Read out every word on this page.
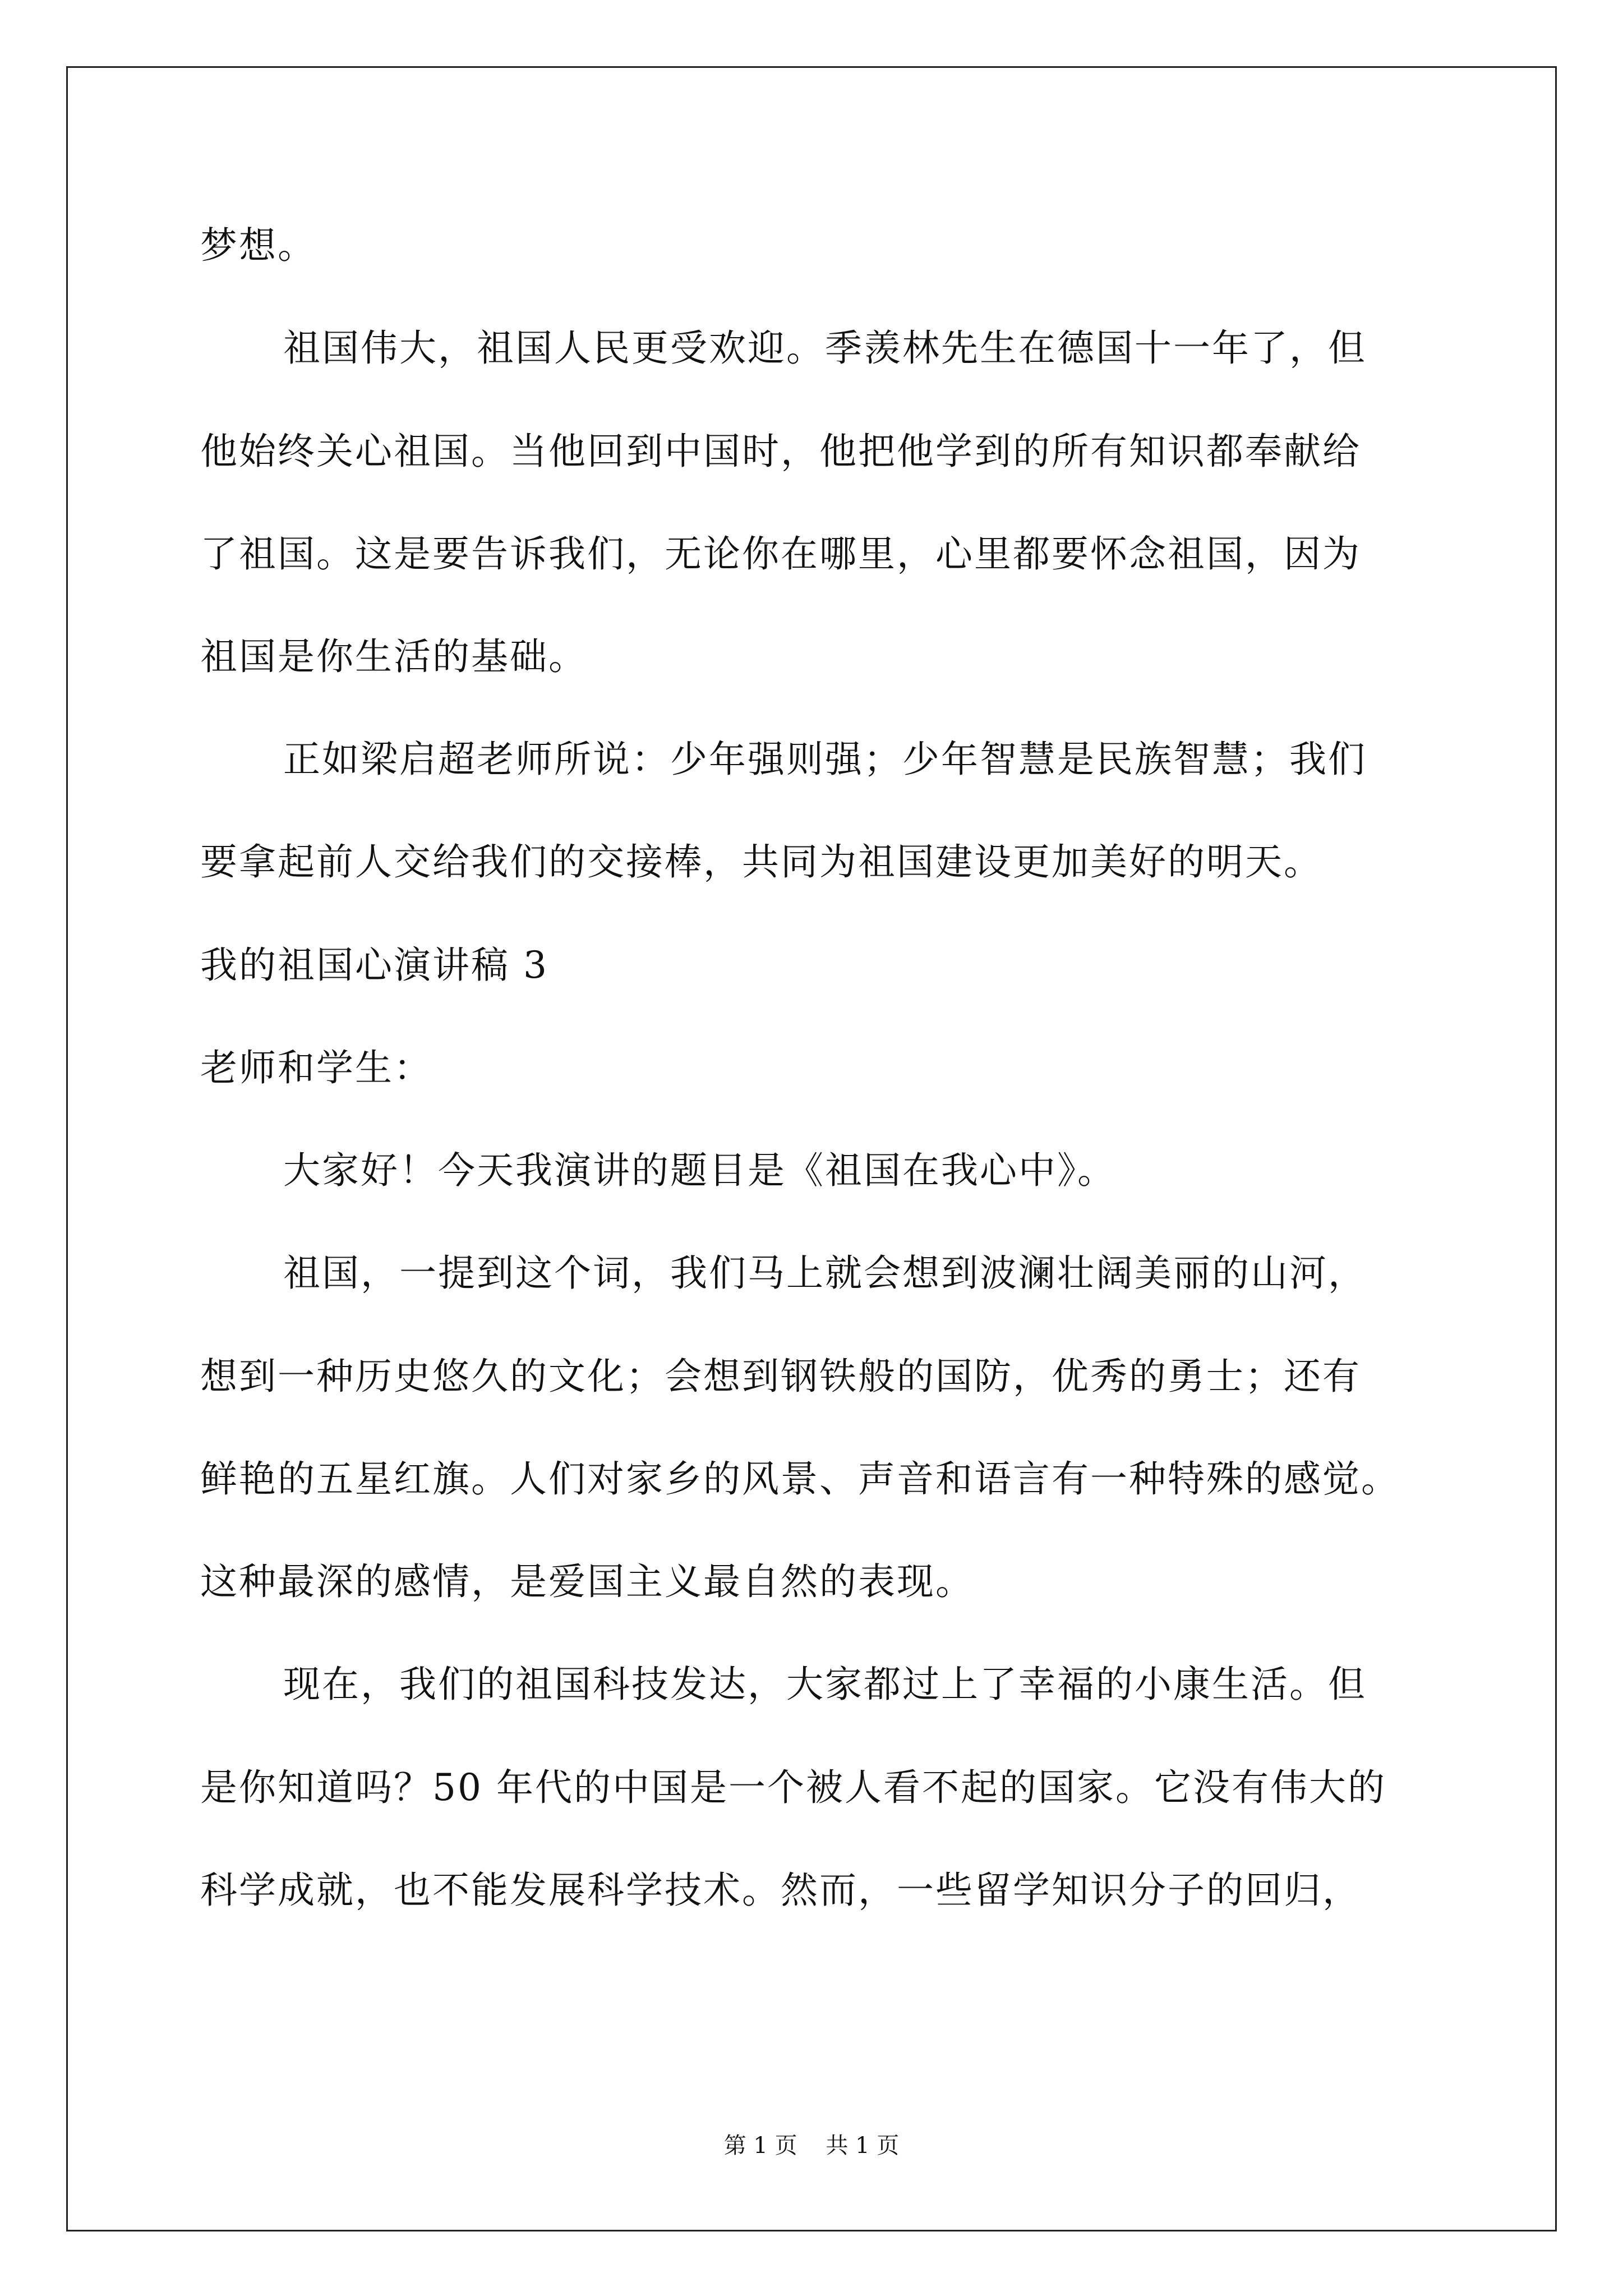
梦想。
祖国伟大，祖国人民更受欢迎。季羡林先生在德国十一年了，但
他始终关心祖国。当他回到中国时，他把他学到的所有知识都奉献给
了祖国。这是要告诉我们，无论你在哪里，心里都要怀念祖国，因为
祖国是你生活的基础。
正如梁启超老师所说：少年强则强；少年智慧是民族智慧；我们
要拿起前人交给我们的交接棒，共同为祖国建设更加美好的明天。
我的祖国心演讲稿 3
老师和学生：
大家好！今天我演讲的题目是《祖国在我心中》。
祖国，一提到这个词，我们马上就会想到波澜壮阔美丽的山河，
想到一种历史悠久的文化；会想到钢铁般的国防，优秀的勇士；还有
鲜艳的五星红旗。人们对家乡的风景、声音和语言有一种特殊的感觉。
这种最深的感情，是爱国主义最自然的表现。
现在，我们的祖国科技发达，大家都过上了幸福的小康生活。但
是你知道吗？50 年代的中国是一个被人看不起的国家。它没有伟大的
科学成就，也不能发展科学技术。然而，一些留学知识分子的回归，
第 1 页    共 1 页
